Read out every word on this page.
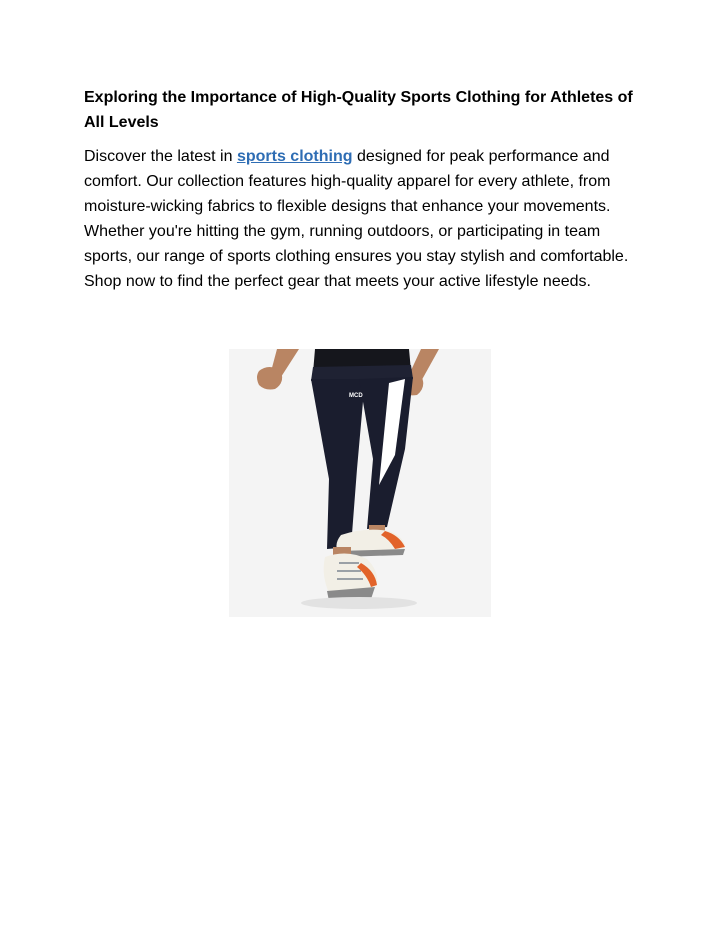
Exploring the Importance of High-Quality Sports Clothing for Athletes of All Levels

Discover the latest in sports clothing designed for peak performance and comfort. Our collection features high-quality apparel for every athlete, from moisture-wicking fabrics to flexible designs that enhance your movements. Whether you're hitting the gym, running outdoors, or participating in team sports, our range of sports clothing ensures you stay stylish and comfortable. Shop now to find the perfect gear that meets your active lifestyle needs.

MCD
